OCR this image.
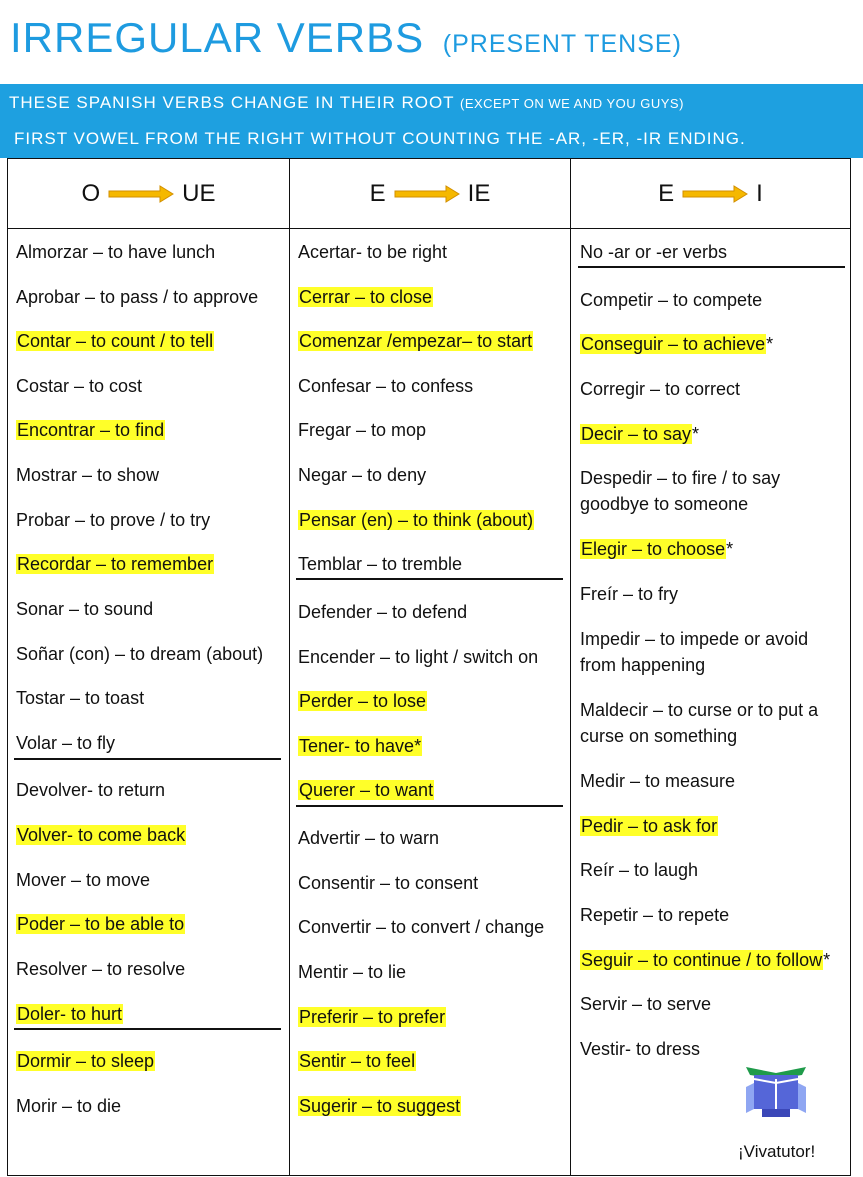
IRREGULAR VERBS (PRESENT TENSE)
THESE SPANISH VERBS CHANGE IN THEIR ROOT (EXCEPT ON WE AND YOU GUYS)
FIRST VOWEL FROM THE RIGHT WITHOUT COUNTING THE -AR, -ER, -IR ENDING.
O	UE	E	IE	E	I
Almorzar – to have lunch
Aprobar – to pass / to approve
Contar – to count / to tell
Costar – to cost
Encontrar – to find
Mostrar – to show
Probar – to prove / to try
Recordar – to remember
Sonar – to sound
Soñar (con) – to dream (about)
Tostar – to toast
Volar – to fly
Devolver- to return
Volver- to come back
Mover – to move
Poder – to be able to
Resolver – to resolve
Doler- to hurt
Dormir – to sleep
Morir – to die
Acertar- to be right
Cerrar – to close
Comenzar /empezar– to start
Confesar – to confess
Fregar – to mop
Negar – to deny
Pensar (en) – to think (about)
Temblar – to tremble
Defender – to defend
Encender – to light / switch on
Perder – to lose
Tener- to have*
Querer – to want
Advertir – to warn
Consentir – to consent
Convertir – to convert / change
Mentir – to lie
Preferir – to prefer
Sentir – to feel
Sugerir – to suggest
No -ar or -er verbs
Competir – to compete
Conseguir – to achieve*
Corregir – to correct
Decir – to say*
Despedir – to fire / to say goodbye to someone
Elegir – to choose*
Freír – to fry
Impedir – to impede or avoid from happening
Maldecir – to curse or to put a curse on something
Medir – to measure
Pedir – to ask for
Reír – to laugh
Repetir – to repete
Seguir – to continue / to follow*
Servir – to serve
Vestir- to dress
¡Vivatutor!
